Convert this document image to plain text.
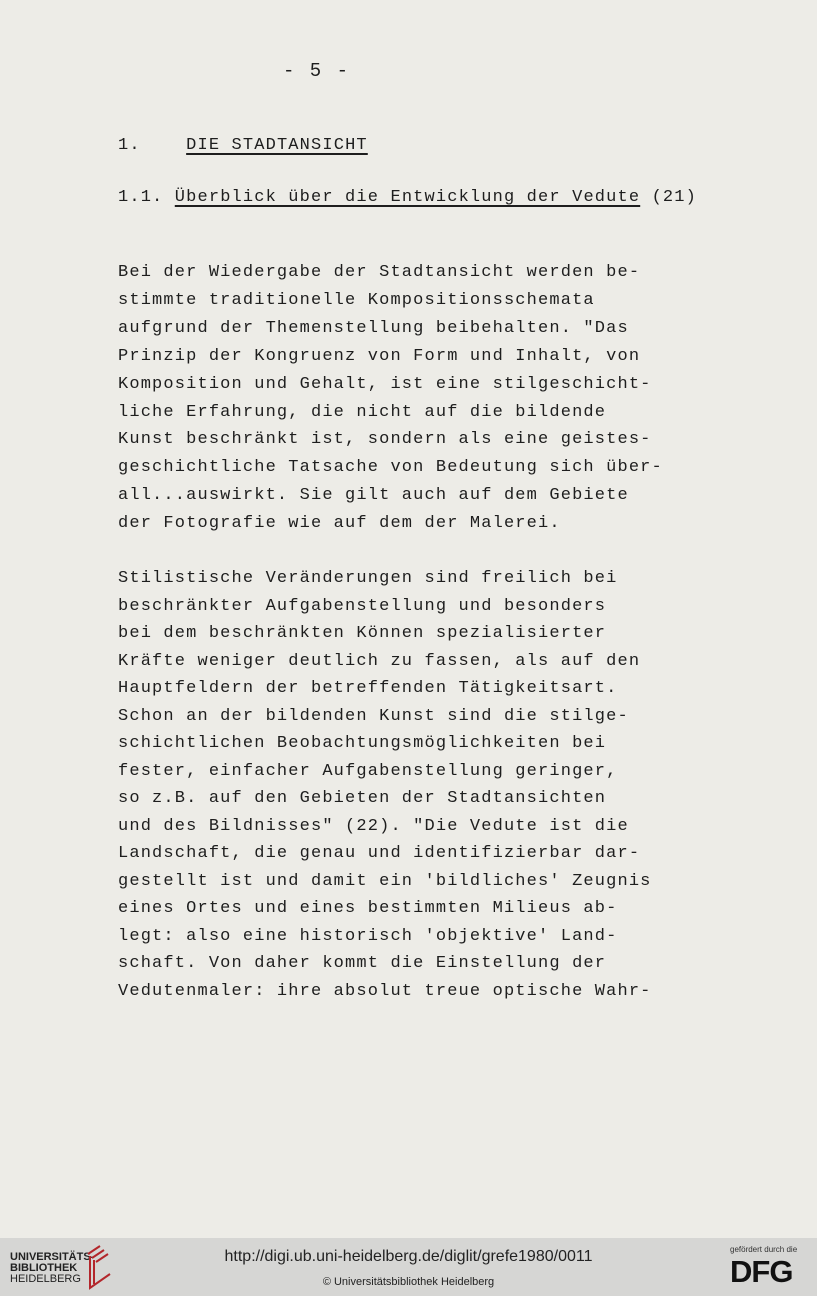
- 5 -
1.	DIE STADTANSICHT
1.1. Überblick über die Entwicklung der Vedute (21)
Bei der Wiedergabe der Stadtansicht werden be-
stimmte traditionelle Kompositionsschemata
aufgrund der Themenstellung beibehalten. "Das
Prinzip der Kongruenz von Form und Inhalt, von
Komposition und Gehalt, ist eine stilgeschicht-
liche Erfahrung, die nicht auf die bildende
Kunst beschränkt ist, sondern als eine geistes-
geschichtliche Tatsache von Bedeutung sich über-
all...auswirkt. Sie gilt auch auf dem Gebiete
der Fotografie wie auf dem der Malerei.
Stilistische Veränderungen sind freilich bei
beschränkter Aufgabenstellung und besonders
bei dem beschränkten Können spezialisierter
Kräfte weniger deutlich zu fassen, als auf den
Hauptfeldern der betreffenden Tätigkeitsart.
Schon an der bildenden Kunst sind die stilge-
schichtlichen Beobachtungsmöglichkeiten bei
fester, einfacher Aufgabenstellung geringer,
so z.B. auf den Gebieten der Stadtansichten
und des Bildnisses" (22). "Die Vedute ist die
Landschaft, die genau und identifizierbar dar-
gestellt ist und damit ein 'bildliches' Zeugnis
eines Ortes und eines bestimmten Milieus ab-
legt: also eine historisch 'objektive' Land-
schaft. Von daher kommt die Einstellung der
Vedutenmaler: ihre absolut treue optische Wahr-
UNIVERSITÄTS-
BIBLIOTHEK
HEIDELBERG
http://digi.ub.uni-heidelberg.de/diglit/grefe1980/0011
© Universitätsbibliothek Heidelberg
gefördert durch die
DFG
